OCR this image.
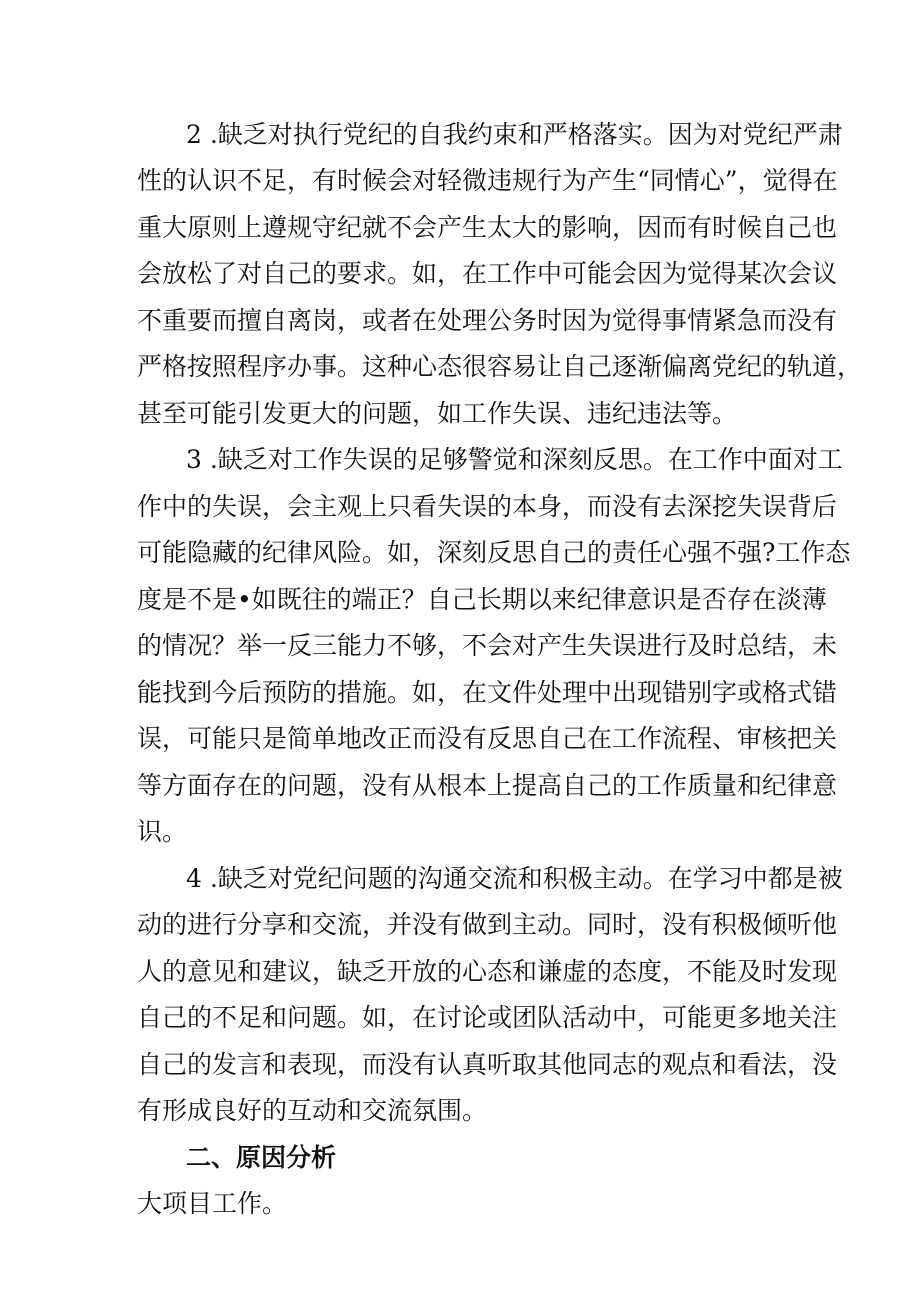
2 .缺乏对执行党纪的自我约束和严格落实。因为对党纪严肃

性的认识不足，有时候会对轻微违规行为产生“同情心”，觉得在

重大原则上遵规守纪就不会产生太大的影响，因而有时候自己也

会放松了对自己的要求。如，在工作中可能会因为觉得某次会议

不重要而擅自离岗，或者在处理公务时因为觉得事情紧急而没有

严格按照程序办事。这种心态很容易让自己逐渐偏离党纪的轨道，

甚至可能引发更大的问题，如工作失误、违纪违法等。

3 .缺乏对工作失误的足够警觉和深刻反思。在工作中面对工

作中的失误，会主观上只看失误的本身，而没有去深挖失误背后

可能隐藏的纪律风险。如，深刻反思自己的责任心强不强?工作态

度是不是•如既往的端正？自己长期以来纪律意识是否存在淡薄

的情况？举一反三能力不够，不会对产生失误进行及时总结，未

能找到今后预防的措施。如，在文件处理中出现错别字或格式错

误，可能只是简单地改正而没有反思自己在工作流程、审核把关

等方面存在的问题，没有从根本上提高自己的工作质量和纪律意

识。

4 .缺乏对党纪问题的沟通交流和积极主动。在学习中都是被

动的进行分享和交流，并没有做到主动。同时，没有积极倾听他

人的意见和建议，缺乏开放的心态和谦虚的态度，不能及时发现

自己的不足和问题。如，在讨论或团队活动中，可能更多地关注

自己的发言和表现，而没有认真听取其他同志的观点和看法，没

有形成良好的互动和交流氛围。

二、原因分析

大项目工作。
